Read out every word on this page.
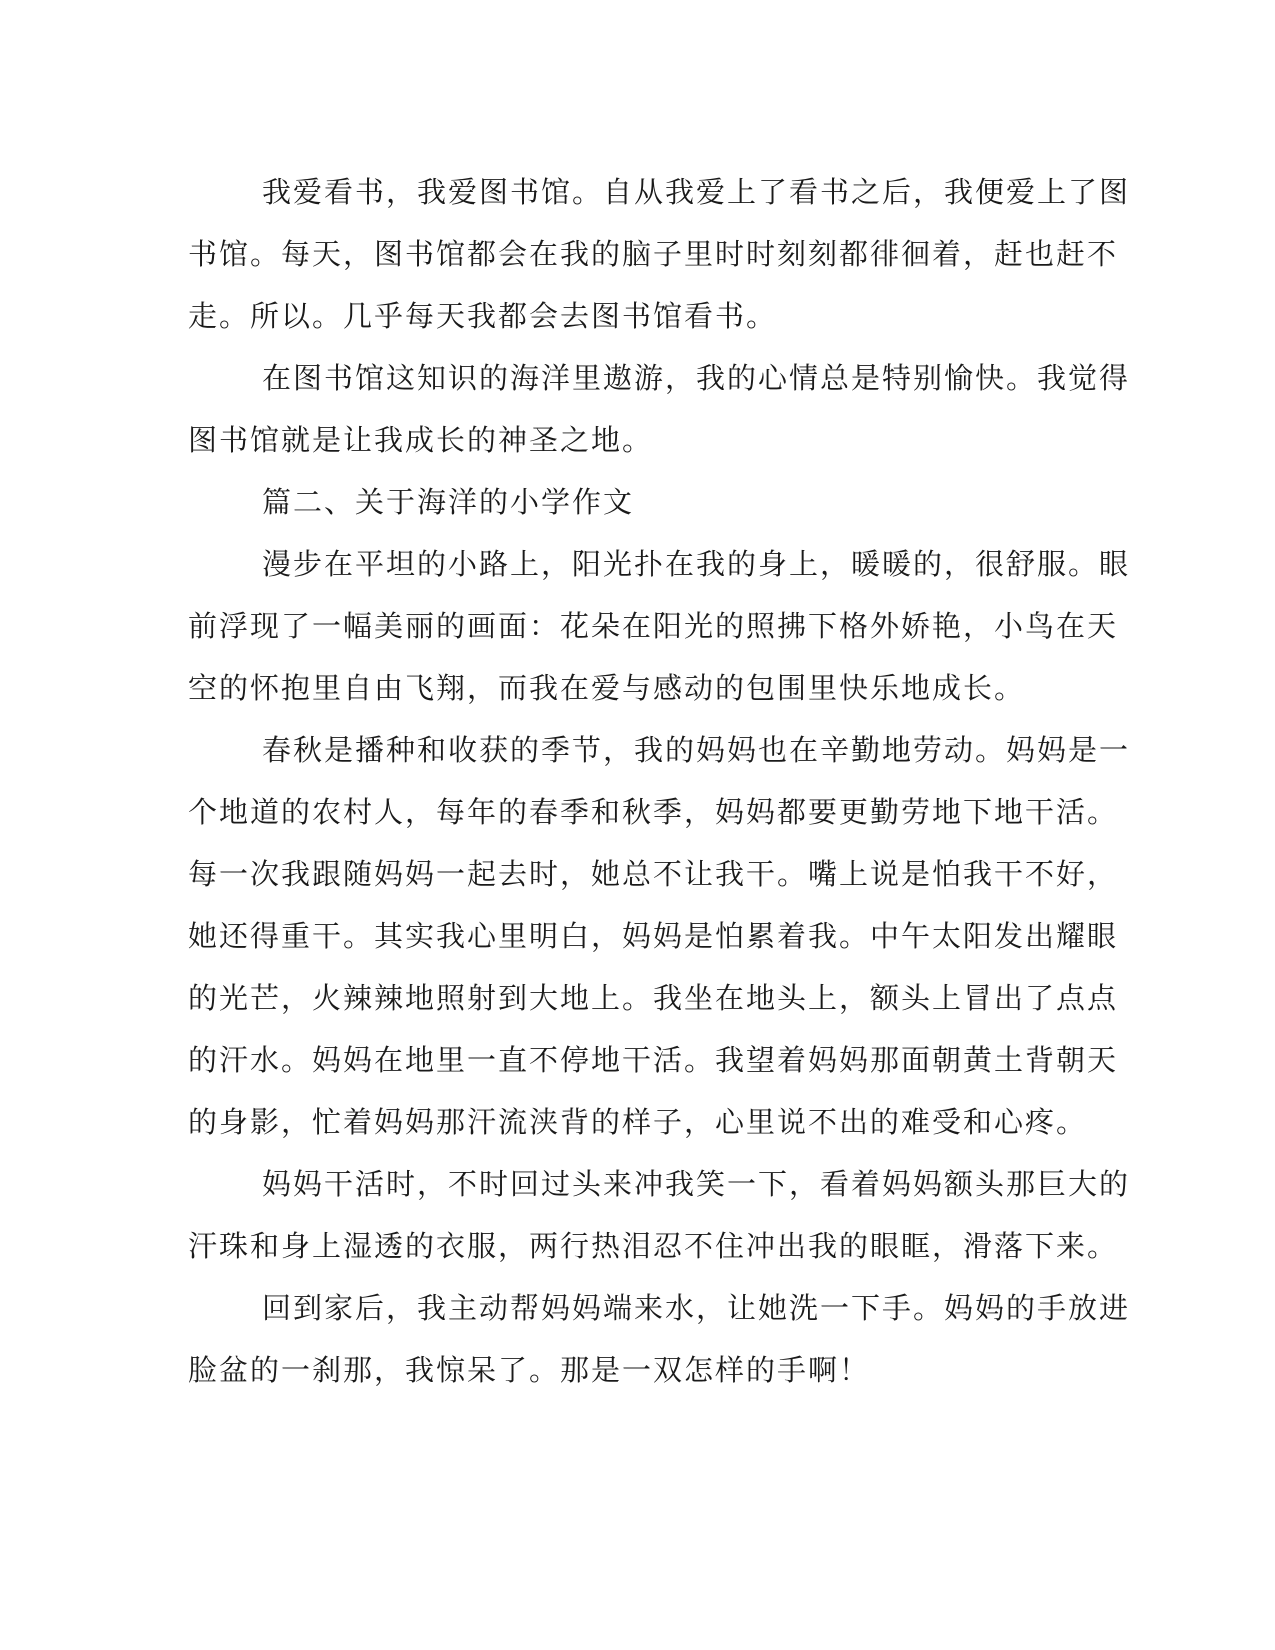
我爱看书，我爱图书馆。自从我爱上了看书之后，我便爱上了图
书馆。每天，图书馆都会在我的脑子里时时刻刻都徘徊着，赶也赶不
走。所以。几乎每天我都会去图书馆看书。

在图书馆这知识的海洋里遨游，我的心情总是特别愉快。我觉得
图书馆就是让我成长的神圣之地。

篇二、关于海洋的小学作文

漫步在平坦的小路上，阳光扑在我的身上，暖暖的，很舒服。眼
前浮现了一幅美丽的画面：花朵在阳光的照拂下格外娇艳，小鸟在天
空的怀抱里自由飞翔，而我在爱与感动的包围里快乐地成长。

春秋是播种和收获的季节，我的妈妈也在辛勤地劳动。妈妈是一
个地道的农村人，每年的春季和秋季，妈妈都要更勤劳地下地干活。
每一次我跟随妈妈一起去时，她总不让我干。嘴上说是怕我干不好，
她还得重干。其实我心里明白，妈妈是怕累着我。中午太阳发出耀眼
的光芒，火辣辣地照射到大地上。我坐在地头上，额头上冒出了点点
的汗水。妈妈在地里一直不停地干活。我望着妈妈那面朝黄土背朝天
的身影，忙着妈妈那汗流浃背的样子，心里说不出的难受和心疼。

妈妈干活时，不时回过头来冲我笑一下，看着妈妈额头那巨大的
汗珠和身上湿透的衣服，两行热泪忍不住冲出我的眼眶，滑落下来。

回到家后，我主动帮妈妈端来水，让她洗一下手。妈妈的手放进
脸盆的一刹那，我惊呆了。那是一双怎样的手啊！
